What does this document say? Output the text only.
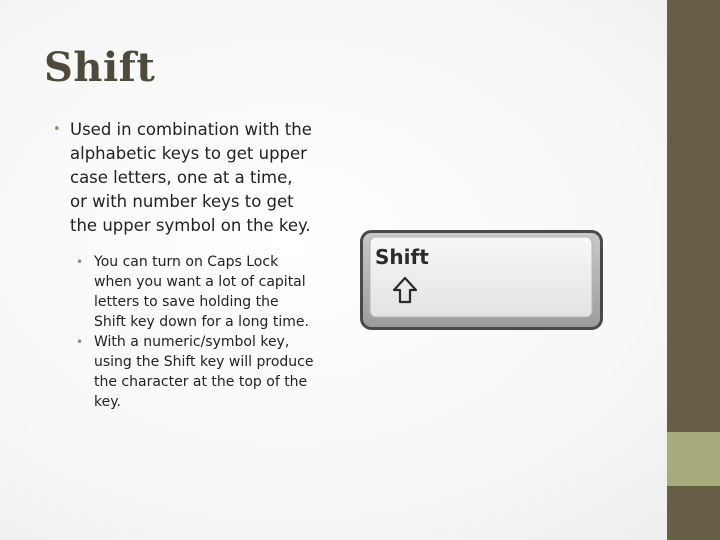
Shift
• Used in combination with the alphabetic keys to get upper case letters, one at a time, or with number keys to get the upper symbol on the key.
• You can turn on Caps Lock when you want a lot of capital letters to save holding the Shift key down for a long time.
• With a numeric/symbol key, using the Shift key will produce the character at the top of the key.
Shift
